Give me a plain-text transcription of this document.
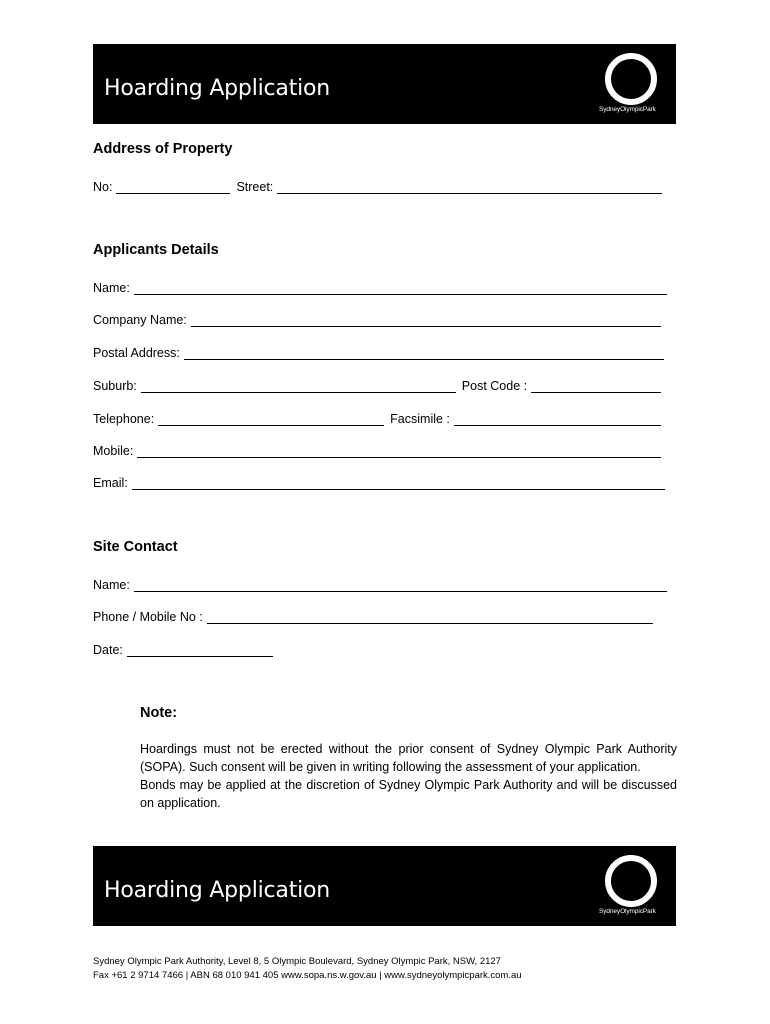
Hoarding Application
SydneyOlympicPark
Address of Property
No:	Street:
Applicants Details
Name:
Company Name:
Postal Address:
Suburb:	Post Code :
Telephone:	Facsimile :
Mobile:
Email:
Site Contact
Name:
Phone / Mobile No :
Date:
Note:

Hoardings must not be erected without the prior consent of Sydney Olympic Park Authority (SOPA). Such consent will be given in writing following the assessment of your application.

Bonds may be applied at the discretion of Sydney Olympic Park Authority and will be discussed on application.

Hoarding Application
SydneyOlympicPark
Sydney Olympic Park Authority, Level 8, 5 Olympic Boulevard, Sydney Olympic Park, NSW, 2127
Fax +61 2 9714 7466 | ABN 68 010 941 405 www.sopa.ns.w.gov.au | www.sydneyolympicpark.com.au
